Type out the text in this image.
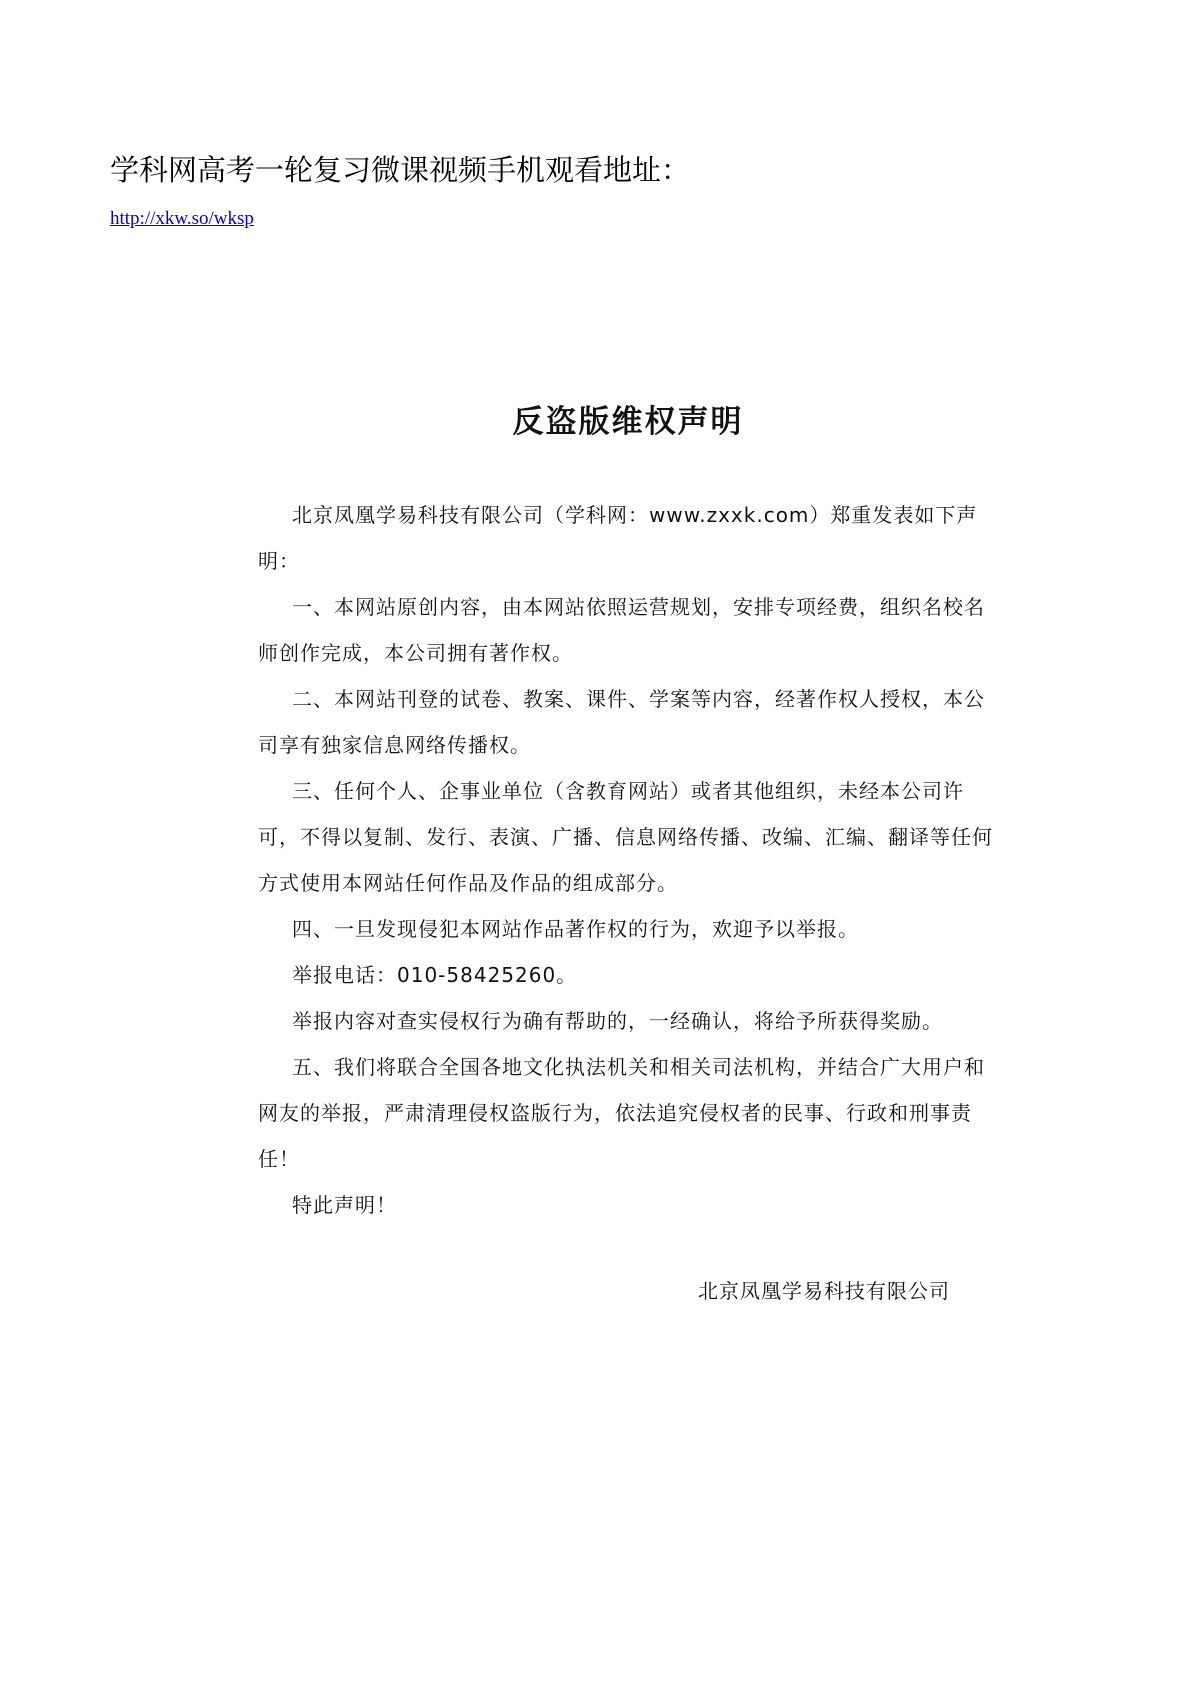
学科网高考一轮复习微课视频手机观看地址：
http://xkw.so/wksp
反盗版维权声明

北京凤凰学易科技有限公司（学科网：www.zxxk.com）郑重发表如下声明：

一、本网站原创内容，由本网站依照运营规划，安排专项经费，组织名校名师创作完成，本公司拥有著作权。

二、本网站刊登的试卷、教案、课件、学案等内容，经著作权人授权，本公司享有独家信息网络传播权。

三、任何个人、企事业单位（含教育网站）或者其他组织，未经本公司许可，不得以复制、发行、表演、广播、信息网络传播、改编、汇编、翻译等任何方式使用本网站任何作品及作品的组成部分。

四、一旦发现侵犯本网站作品著作权的行为，欢迎予以举报。

举报电话：010-58425260。

举报内容对查实侵权行为确有帮助的，一经确认，将给予所获得奖励。

五、我们将联合全国各地文化执法机关和相关司法机构，并结合广大用户和网友的举报，严肃清理侵权盗版行为，依法追究侵权者的民事、行政和刑事责任！

特此声明！

北京凤凰学易科技有限公司
